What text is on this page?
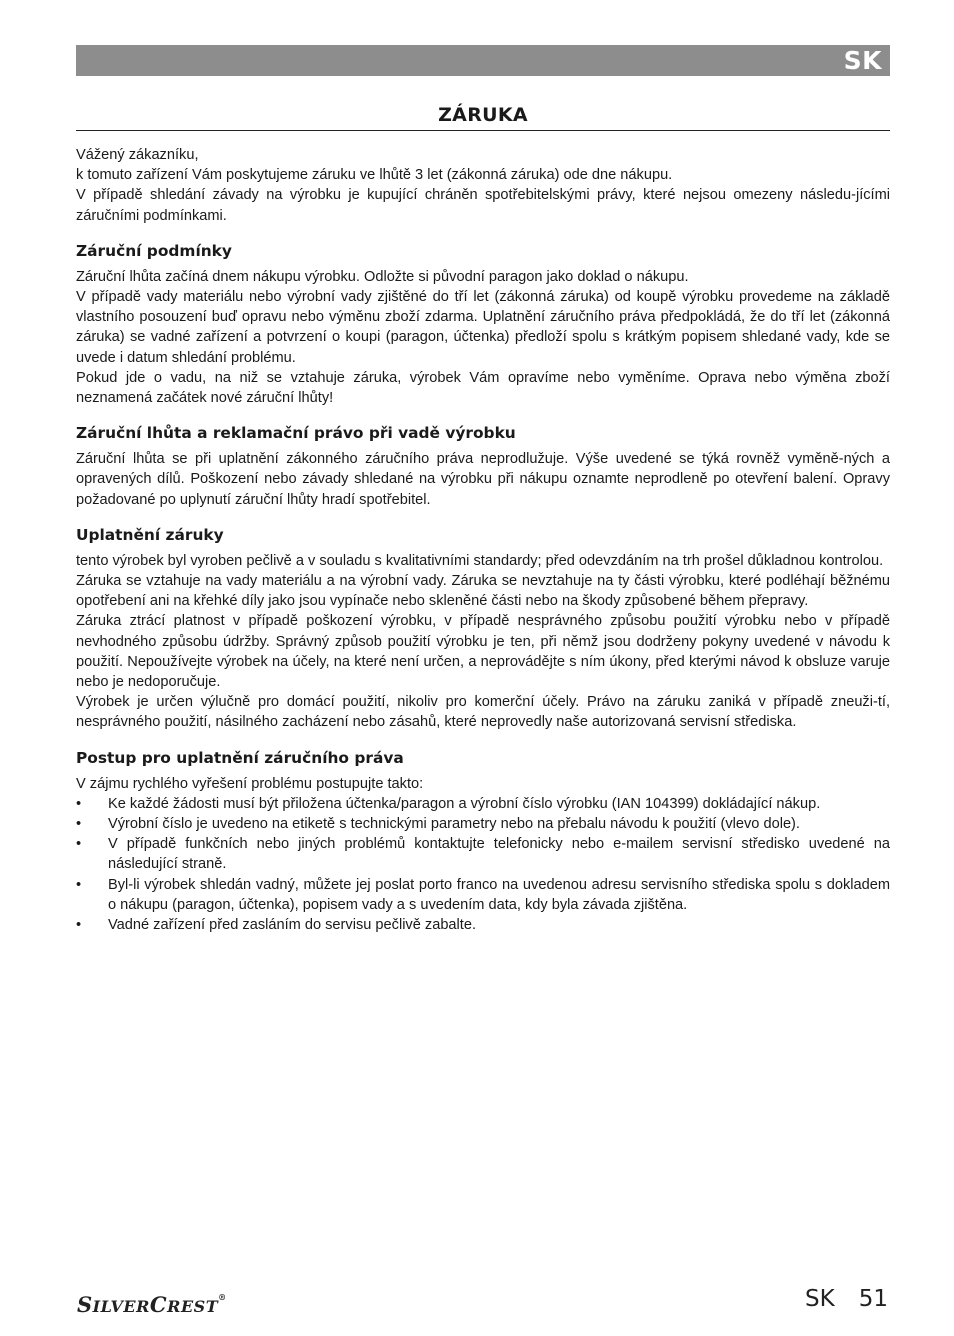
SK
ZÁRUKA

Vážený zákazníku,

k tomuto zařízení Vám poskytujeme záruku ve lhůtě 3 let (zákonná záruka) ode dne nákupu.

V případě shledání závady na výrobku je kupující chráněn spotřebitelskými právy, které nejsou omezeny následu-jícími záručními podmínkami.

Záruční podmínky

Záruční lhůta začíná dnem nákupu výrobku. Odložte si původní paragon jako doklad o nákupu.

V případě vady materiálu nebo výrobní vady zjištěné do tří let (zákonná záruka) od koupě výrobku provedeme na základě vlastního posouzení buď opravu nebo výměnu zboží zdarma. Uplatnění záručního práva předpokládá, že do tří let (zákonná záruka) se vadné zařízení a potvrzení o koupi (paragon, účtenka) předloží spolu s krátkým popisem shledané vady, kde se uvede i datum shledání problému.

Pokud jde o vadu, na niž se vztahuje záruka, výrobek Vám opravíme nebo vyměníme. Oprava nebo výměna zboží neznamená začátek nové záruční lhůty!

Záruční lhůta a reklamační právo při vadě výrobku

Záruční lhůta se při uplatnění zákonného záručního práva neprodlužuje. Výše uvedené se týká rovněž vyměně-ných a opravených dílů. Poškození nebo závady shledané na výrobku při nákupu oznamte neprodleně po otevření balení. Opravy požadované po uplynutí záruční lhůty hradí spotřebitel.

Uplatnění záruky

tento výrobek byl vyroben pečlivě a v souladu s kvalitativními standardy; před odevzdáním na trh prošel důkladnou kontrolou.

Záruka se vztahuje na vady materiálu a na výrobní vady. Záruka se nevztahuje na ty části výrobku, které podléhají běžnému opotřebení ani na křehké díly jako jsou vypínače nebo skleněné části nebo na škody způsobené během přepravy.

Záruka ztrácí platnost v případě poškození výrobku, v případě nesprávného způsobu použití výrobku nebo v případě nevhodného způsobu údržby. Správný způsob použití výrobku je ten, při němž jsou dodrženy pokyny uvedené v návodu k použití. Nepoužívejte výrobek na účely, na které není určen, a neprovádějte s ním úkony, před kterými návod k obsluze varuje nebo je nedoporučuje.

Výrobek je určen výlučně pro domácí použití, nikoliv pro komerční účely. Právo na záruku zaniká v případě zneuži-tí, nesprávného použití, násilného zacházení nebo zásahů, které neprovedly naše autorizovaná servisní střediska.

Postup pro uplatnění záručního práva

V zájmu rychlého vyřešení problému postupujte takto:

• Ke každé žádosti musí být přiložena účtenka/paragon a výrobní číslo výrobku (IAN 104399) dokládající nákup.
• Výrobní číslo je uvedeno na etiketě s technickými parametry nebo na přebalu návodu k použití (vlevo dole).
• V případě funkčních nebo jiných problémů kontaktujte telefonicky nebo e-mailem servisní středisko uvedené na následující straně.
• Byl-li výrobek shledán vadný, můžete jej poslat porto franco na uvedenou adresu servisního střediska spolu s dokladem o nákupu (paragon, účtenka), popisem vady a s uvedením data, kdy byla závada zjištěna.
• Vadné zařízení před zasláním do servisu pečlivě zabalte.
SILVERCREST®	SK 51
